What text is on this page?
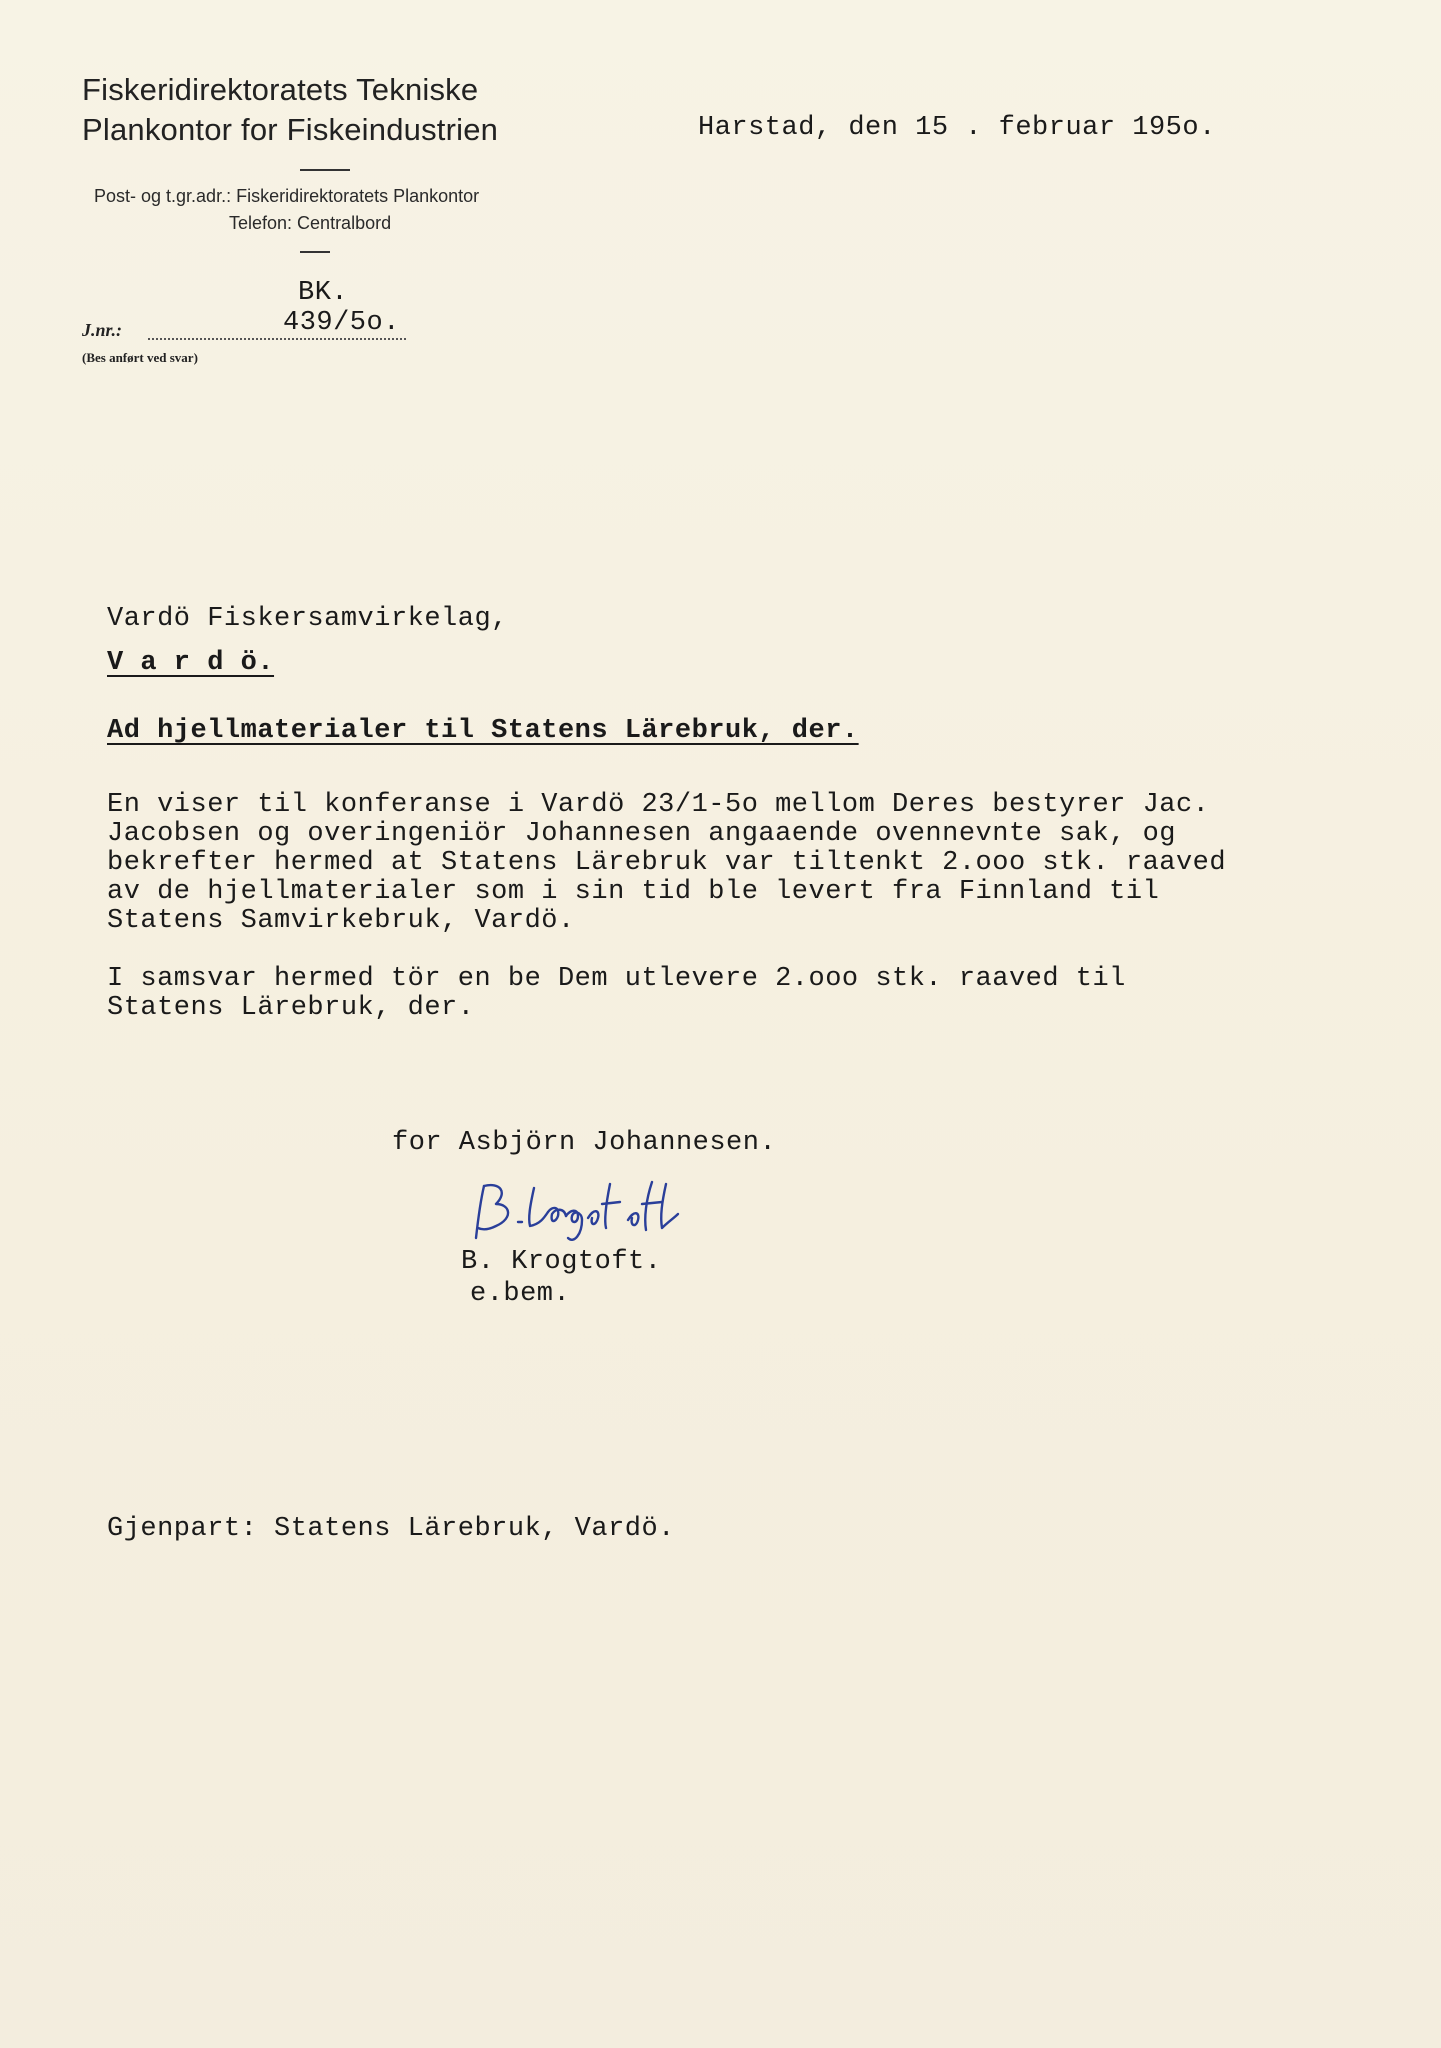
Fiskeridirektoratets Tekniske
Plankontor for Fiskeindustrien
Post- og t.gr.adr.: Fiskeridirektoratets Plankontor
Telefon: Centralbord
BK.
439/5o.
J.nr.:
(Bes anført ved svar)
Harstad, den 15 . februar 195o.
Vardö Fiskersamvirkelag,
V a r d ö.
Ad hjellmaterialer til Statens Lärebruk, der.
En viser til konferanse i Vardö 23/1-5o mellom Deres bestyrer Jac.
Jacobsen og overingeniör Johannesen angaaende ovennevnte sak, og
bekrefter hermed at Statens Lärebruk var tiltenkt 2.ooo stk. raaved
av de hjellmaterialer som i sin tid ble levert fra Finnland til
Statens Samvirkebruk, Vardö.
I samsvar hermed tör en be Dem utlevere 2.ooo stk. raaved til
Statens Lärebruk, der.
for Asbjörn Johannesen.
B. Krogtoft.
e.bem.
Gjenpart: Statens Lärebruk, Vardö.
